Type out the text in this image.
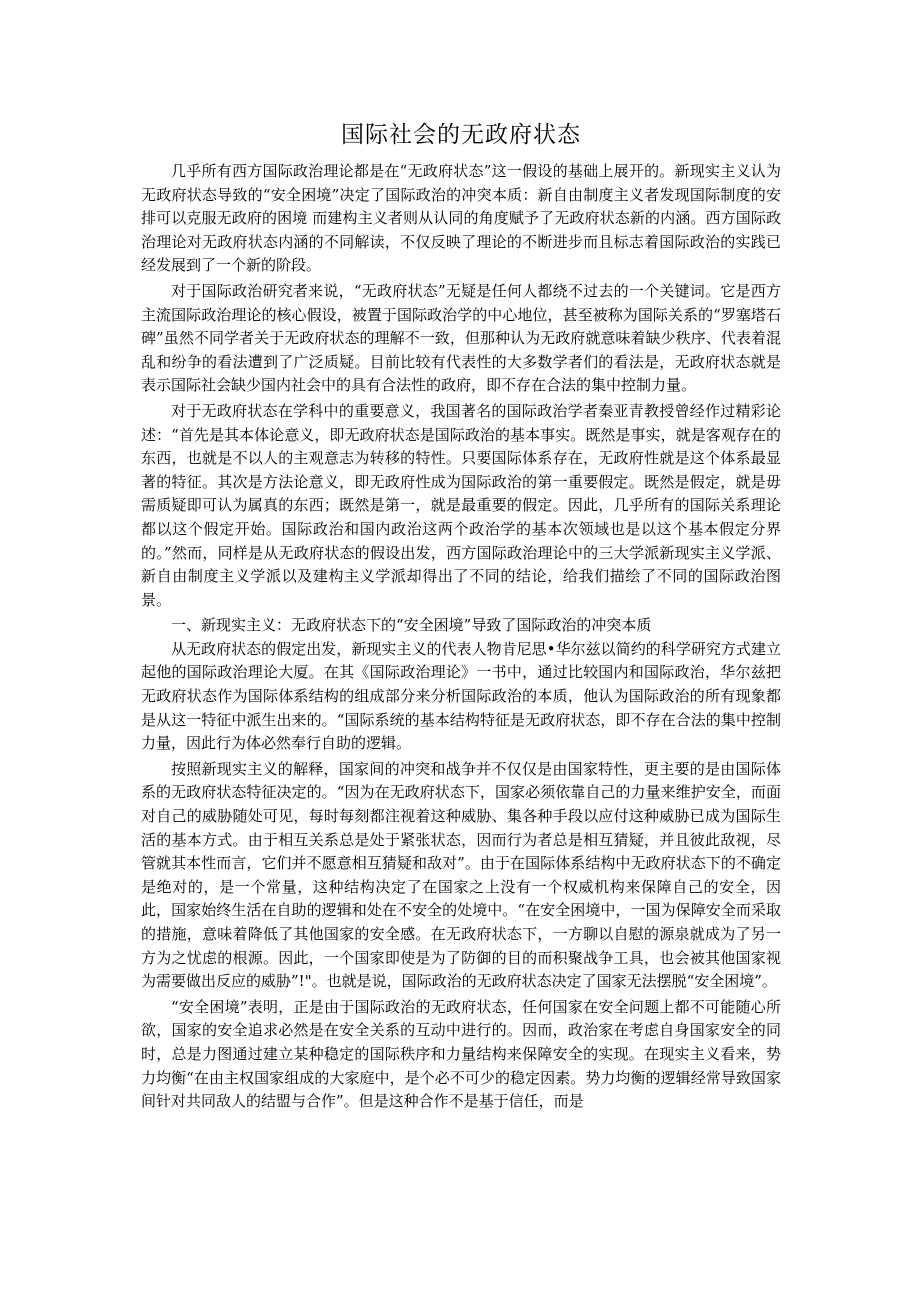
国际社会的无政府状态

几乎所有西方国际政治理论都是在“无政府状态”这一假设的基础上展开的。新现实主义认为无政府状态导致的“安全困境”决定了国际政治的冲突本质：新自由制度主义者发现国际制度的安排可以克服无政府的困境 而建构主义者则从认同的角度赋予了无政府状态新的内涵。西方国际政治理论对无政府状态内涵的不同解读，不仅反映了理论的不断进步而且标志着国际政治的实践已经发展到了一个新的阶段。

对于国际政治研究者来说，“无政府状态”无疑是任何人都绕不过去的一个关键词。它是西方主流国际政治理论的核心假设，被置于国际政治学的中心地位，甚至被称为国际关系的“罗塞塔石碑”虽然不同学者关于无政府状态的理解不一致，但那种认为无政府就意味着缺少秩序、代表着混乱和纷争的看法遭到了广泛质疑。目前比较有代表性的大多数学者们的看法是，无政府状态就是表示国际社会缺少国内社会中的具有合法性的政府，即不存在合法的集中控制力量。

对于无政府状态在学科中的重要意义，我国著名的国际政治学者秦亚青教授曾经作过精彩论述：“首先是其本体论意义，即无政府状态是国际政治的基本事实。既然是事实，就是客观存在的东西，也就是不以人的主观意志为转移的特性。只要国际体系存在，无政府性就是这个体系最显著的特征。其次是方法论意义，即无政府性成为国际政治的第一重要假定。既然是假定，就是毋需质疑即可认为属真的东西；既然是第一，就是最重要的假定。因此，几乎所有的国际关系理论都以这个假定开始。国际政治和国内政治这两个政治学的基本次领域也是以这个基本假定分界的。”然而，同样是从无政府状态的假设出发，西方国际政治理论中的三大学派新现实主义学派、新自由制度主义学派以及建构主义学派却得出了不同的结论，给我们描绘了不同的国际政治图景。

一、新现实主义：无政府状态下的“安全困境”导致了国际政治的冲突本质

从无政府状态的假定出发，新现实主义的代表人物肯尼思•华尔兹以简约的科学研究方式建立起他的国际政治理论大厦。在其《国际政治理论》一书中，通过比较国内和国际政治，华尔兹把无政府状态作为国际体系结构的组成部分来分析国际政治的本质，他认为国际政治的所有现象都是从这一特征中派生出来的。“国际系统的基本结构特征是无政府状态，即不存在合法的集中控制力量，因此行为体必然奉行自助的逻辑。

按照新现实主义的解释，国家间的冲突和战争并不仅仅是由国家特性，更主要的是由国际体系的无政府状态特征决定的。“因为在无政府状态下，国家必须依靠自己的力量来维护安全，而面对自己的威胁随处可见，每时每刻都注视着这种威胁、集各种手段以应付这种威胁已成为国际生活的基本方式。由于相互关系总是处于紧张状态，因而行为者总是相互猜疑，并且彼此敌视，尽管就其本性而言，它们并不愿意相互猜疑和敌对”。由于在国际体系结构中无政府状态下的不确定是绝对的，是一个常量，这种结构决定了在国家之上没有一个权威机构来保障自己的安全，因此，国家始终生活在自助的逻辑和处在不安全的处境中。“在安全困境中，一国为保障安全而采取的措施，意味着降低了其他国家的安全感。在无政府状态下，一方聊以自慰的源泉就成为了另一方为之忧虑的根源。因此，一个国家即使是为了防御的目的而积聚战争工具，也会被其他国家视为需要做出反应的威胁”!"。也就是说，国际政治的无政府状态决定了国家无法摆脱“安全困境”。

“安全困境”表明，正是由于国际政治的无政府状态，任何国家在安全问题上都不可能随心所欲，国家的安全追求必然是在安全关系的互动中进行的。因而，政治家在考虑自身国家安全的同时，总是力图通过建立某种稳定的国际秩序和力量结构来保障安全的实现。在现实主义看来，势力均衡“在由主权国家组成的大家庭中，是个必不可少的稳定因素。势力均衡的逻辑经常导致国家间针对共同敌人的结盟与合作”。但是这种合作不是基于信任，而是
